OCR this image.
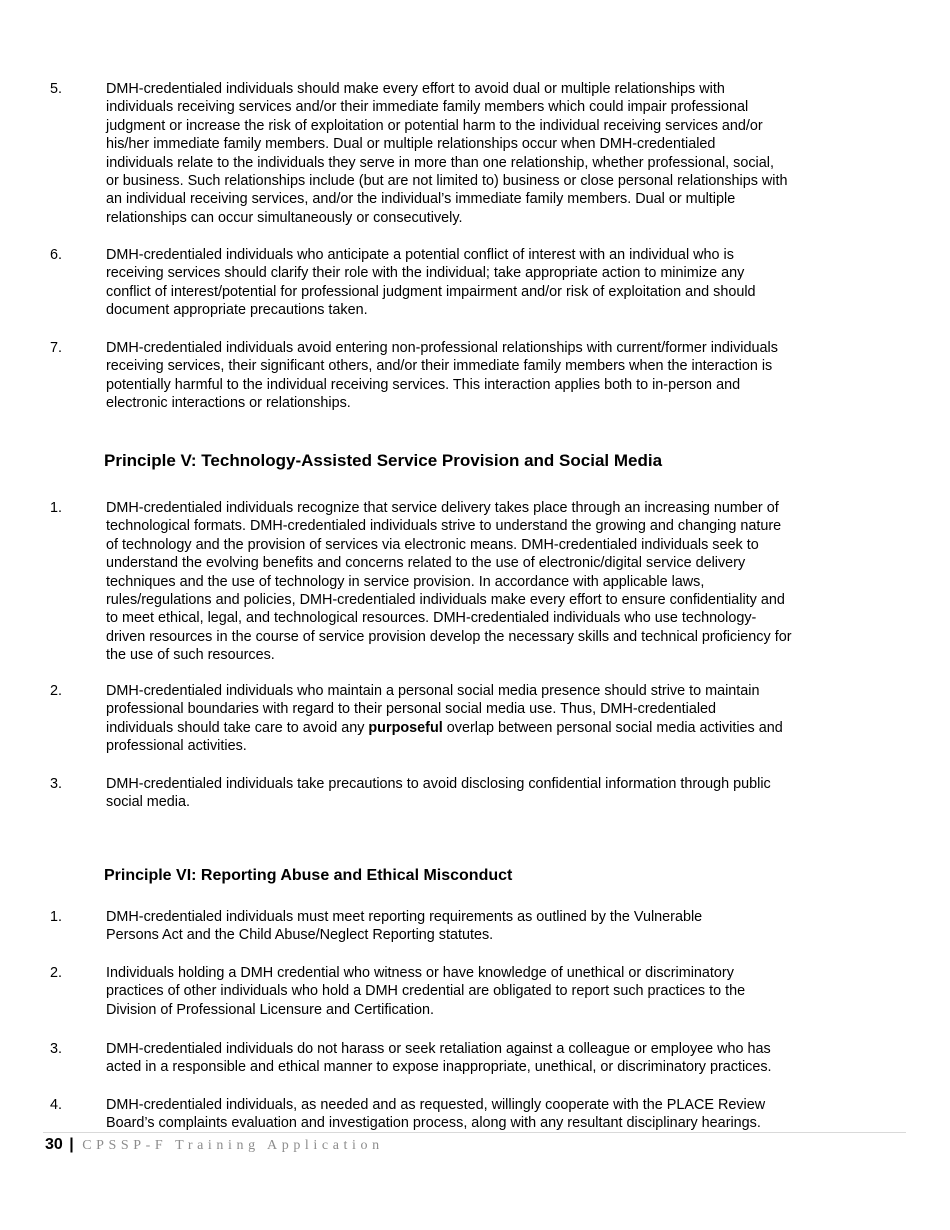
5.	DMH-credentialed individuals should make every effort to avoid dual or multiple relationships with
individuals receiving services and/or their immediate family members which could impair professional
judgment or increase the risk of exploitation or potential harm to the individual receiving services and/or
his/her immediate family members. Dual or multiple relationships occur when DMH-credentialed
individuals relate to the individuals they serve in more than one relationship, whether professional, social,
or business. Such relationships include (but are not limited to) business or close personal relationships with
an individual receiving services, and/or the individual’s immediate family members. Dual or multiple
relationships can occur simultaneously or consecutively.
6.	DMH-credentialed individuals who anticipate a potential conflict of interest with an individual who is
receiving services should clarify their role with the individual; take appropriate action to minimize any
conflict of interest/potential for professional judgment impairment and/or risk of exploitation and should
document appropriate precautions taken.
7.	DMH-credentialed individuals avoid entering non-professional relationships with current/former individuals
receiving services, their significant others, and/or their immediate family members when the interaction is
potentially harmful to the individual receiving services. This interaction applies both to in-person and
electronic interactions or relationships.
Principle V: Technology-Assisted Service Provision and Social Media
1.	DMH-credentialed individuals recognize that service delivery takes place through an increasing number of
technological formats. DMH-credentialed individuals strive to understand the growing and changing nature
of technology and the provision of services via electronic means. DMH-credentialed individuals seek to
understand the evolving benefits and concerns related to the use of electronic/digital service delivery
techniques and the use of technology in service provision. In accordance with applicable laws,
rules/regulations and policies, DMH-credentialed individuals make every effort to ensure confidentiality and
to meet ethical, legal, and technological resources. DMH-credentialed individuals who use technology-
driven resources in the course of service provision develop the necessary skills and technical proficiency for
the use of such resources.
2.	DMH-credentialed individuals who maintain a personal social media presence should strive to maintain
professional boundaries with regard to their personal social media use. Thus, DMH-credentialed
individuals should take care to avoid any purposeful overlap between personal social media activities and
professional activities.
3.	DMH-credentialed individuals take precautions to avoid disclosing confidential information through public
social media.
Principle VI: Reporting Abuse and Ethical Misconduct
1.	DMH-credentialed individuals must meet reporting requirements as outlined by the Vulnerable
Persons Act and the Child Abuse/Neglect Reporting statutes.
2.	Individuals holding a DMH credential who witness or have knowledge of unethical or discriminatory
practices of other individuals who hold a DMH credential are obligated to report such practices to the
Division of Professional Licensure and Certification.
3.	DMH-credentialed individuals do not harass or seek retaliation against a colleague or employee who has
acted in a responsible and ethical manner to expose inappropriate, unethical, or discriminatory practices.
4.	DMH-credentialed individuals, as needed and as requested, willingly cooperate with the PLACE Review
Board’s complaints evaluation and investigation process, along with any resultant disciplinary hearings.
30 | CPSSP-F Training Application
